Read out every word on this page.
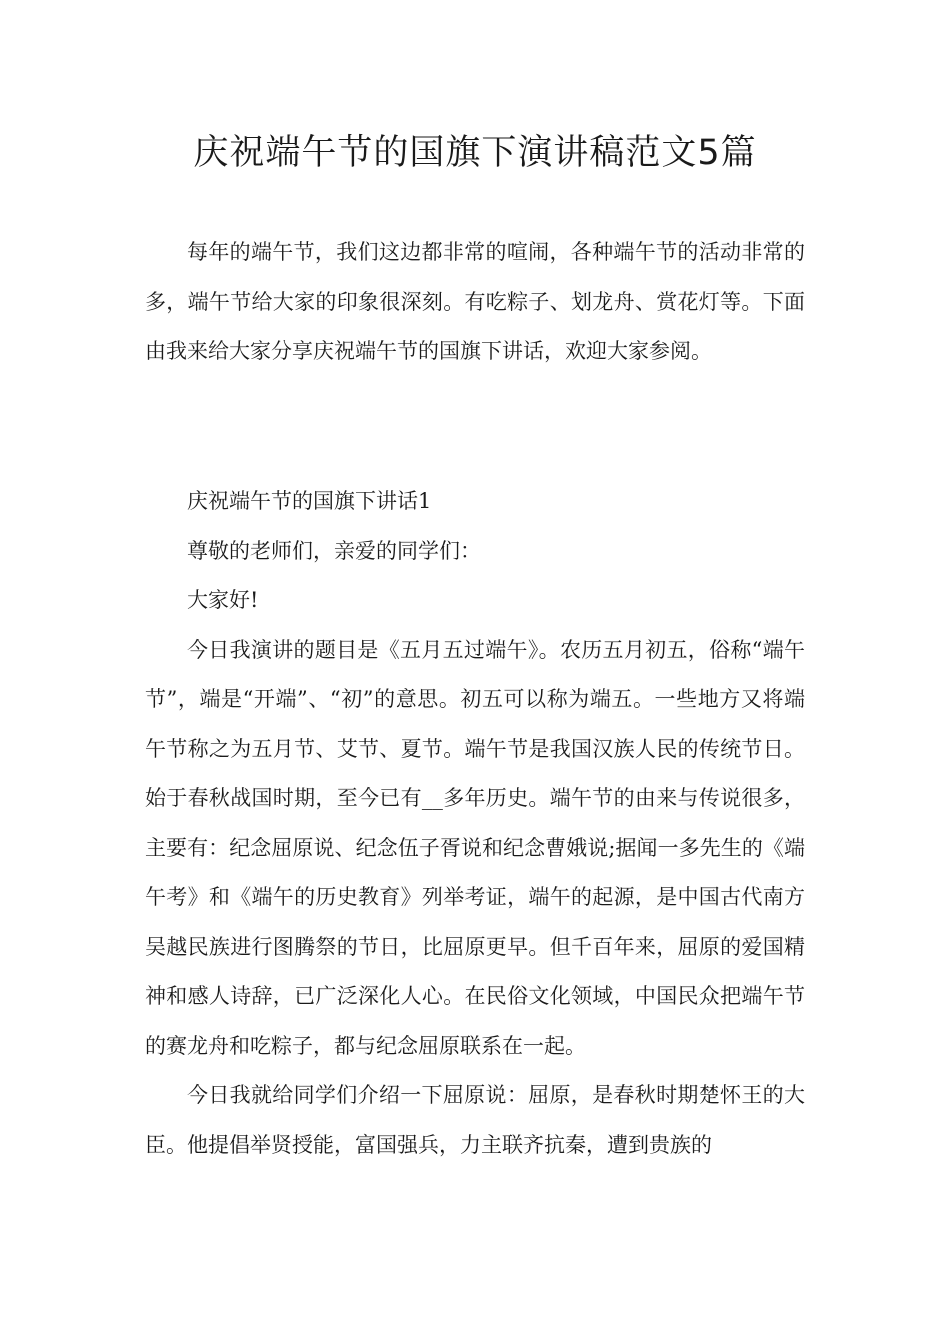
庆祝端午节的国旗下演讲稿范文5篇

每年的端午节，我们这边都非常的喧闹，各种端午节的活动非常的多，端午节给大家的印象很深刻。有吃粽子、划龙舟、赏花灯等。下面由我来给大家分享庆祝端午节的国旗下讲话，欢迎大家参阅。

庆祝端午节的国旗下讲话1

尊敬的老师们，亲爱的同学们：

大家好!

今日我演讲的题目是《五月五过端午》。农历五月初五，俗称“端午节”，端是“开端”、“初”的意思。初五可以称为端五。一些地方又将端午节称之为五月节、艾节、夏节。端午节是我国汉族人民的传统节日。始于春秋战国时期，至今已有__多年历史。端午节的由来与传说很多，主要有：纪念屈原说、纪念伍子胥说和纪念曹娥说;据闻一多先生的《端午考》和《端午的历史教育》列举考证，端午的起源，是中国古代南方吴越民族进行图腾祭的节日，比屈原更早。但千百年来，屈原的爱国精神和感人诗辞，已广泛深化人心。在民俗文化领域，中国民众把端午节的赛龙舟和吃粽子，都与纪念屈原联系在一起。

今日我就给同学们介绍一下屈原说：屈原，是春秋时期楚怀王的大臣。他提倡举贤授能，富国强兵，力主联齐抗秦，遭到贵族的
